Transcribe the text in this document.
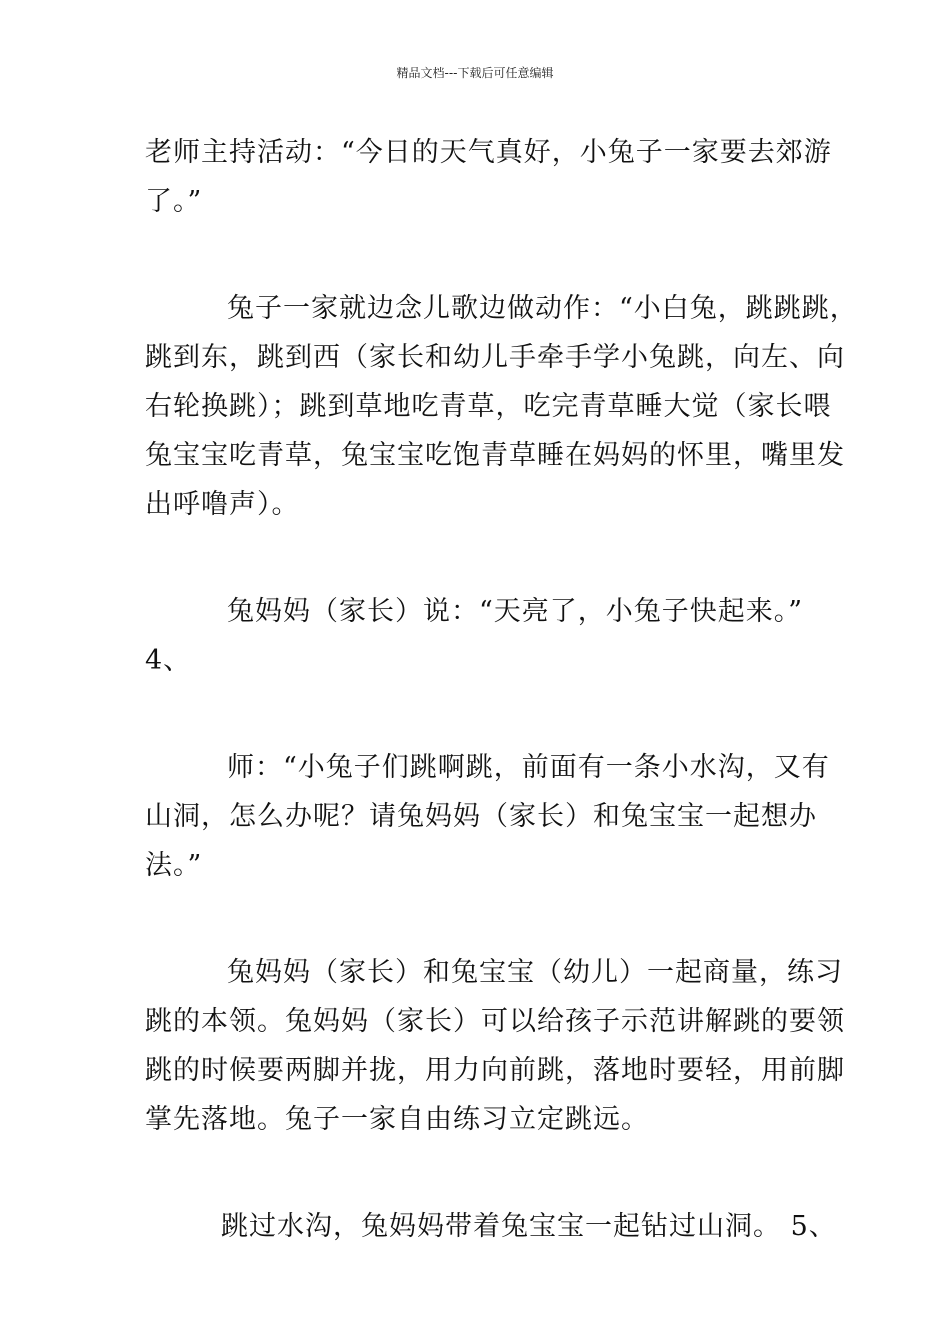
精品文档---下载后可任意编辑
老师主持活动：“今日的天气真好，小兔子一家要去郊游
了。”
兔子一家就边念儿歌边做动作：“小白兔，跳跳跳，
跳到东，跳到西（家长和幼儿手牵手学小兔跳，向左、向
右轮换跳）；跳到草地吃青草，吃完青草睡大觉（家长喂
兔宝宝吃青草，兔宝宝吃饱青草睡在妈妈的怀里，嘴里发
出呼噜声）。
兔妈妈（家长）说：“天亮了，小兔子快起来。”
4、
师：“小兔子们跳啊跳，前面有一条小水沟，又有
山洞，怎么办呢？请兔妈妈（家长）和兔宝宝一起想办
法。”
兔妈妈（家长）和兔宝宝（幼儿）一起商量，练习
跳的本领。兔妈妈（家长）可以给孩子示范讲解跳的要领
跳的时候要两脚并拢，用力向前跳，落地时要轻，用前脚
掌先落地。兔子一家自由练习立定跳远。
跳过水沟，兔妈妈带着兔宝宝一起钻过山洞。 5、
